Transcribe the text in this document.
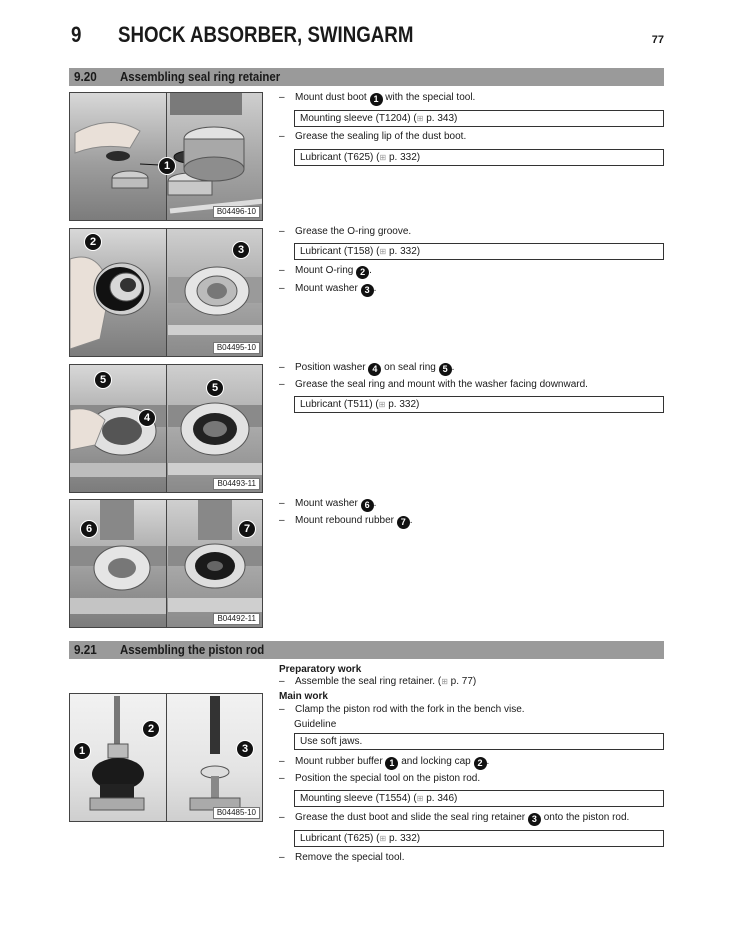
9 SHOCK ABSORBER, SWINGARM	77
9.20 Assembling seal ring retainer
1
B04496-10
2
3
B04495-10
5
4
5
B04493-11
6	7
B04492-11
– Mount dust boot 1 with the special tool.
Mounting sleeve (T1204) (⊞ p. 343)
– Grease the sealing lip of the dust boot.
Lubricant (T625) (⊞ p. 332)
– Grease the O-ring groove.
Lubricant (T158) (⊞ p. 332)
– Mount O-ring 2 .
– Mount washer 3 .
– Position washer 4 on seal ring 5 .
– Grease the seal ring and mount with the washer facing downward.
Lubricant (T511) (⊞ p. 332)
– Mount washer 6 .
– Mount rebound rubber 7 .
9.21 Assembling the piston rod
1
2
3
B04485-10
Preparatory work
– Assemble the seal ring retainer. (⊞ p. 77)
Main work
– Clamp the piston rod with the fork in the bench vise.
Guideline
Use soft jaws.
– Mount rubber buffer 1 and locking cap 2 .
– Position the special tool on the piston rod.
Mounting sleeve (T1554) (⊞ p. 346)
– Grease the dust boot and slide the seal ring retainer 3 onto the piston rod.
Lubricant (T625) (⊞ p. 332)
– Remove the special tool.
